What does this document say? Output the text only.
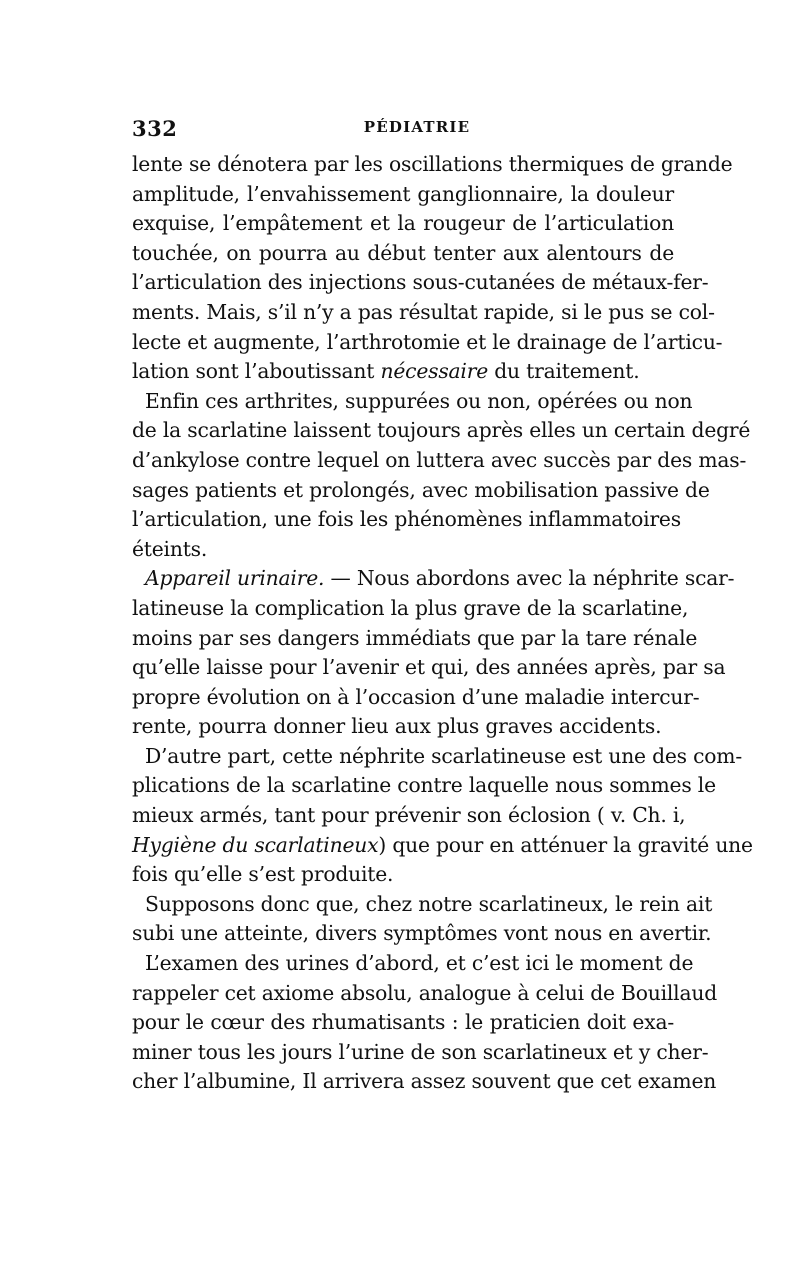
332	PÉDIATRIE
lente se dénotera par les oscillations thermiques de grande
amplitude, l’envahissement ganglionnaire, la douleur
exquise, l’empâtement et la rougeur de l’articulation
touchée, on pourra au début tenter aux alentours de
l’articulation des injections sous-cutanées de métaux-fer-
ments. Mais, s’il n’y a pas résultat rapide, si le pus se col-
lecte et augmente, l’arthrotomie et le drainage de l’articu-
lation sont l’aboutissant nécessaire du traitement.
Enfin ces arthrites, suppurées ou non, opérées ou non
de la scarlatine laissent toujours après elles un certain degré
d’ankylose contre lequel on luttera avec succès par des mas-
sages patients et prolongés, avec mobilisation passive de
l’articulation, une fois les phénomènes inflammatoires
éteints.
Appareil urinaire. — Nous abordons avec la néphrite scar-
latineuse la complication la plus grave de la scarlatine,
moins par ses dangers immédiats que par la tare rénale
qu’elle laisse pour l’avenir et qui, des années après, par sa
propre évolution on à l’occasion d’une maladie intercur-
rente, pourra donner lieu aux plus graves accidents.
D’autre part, cette néphrite scarlatineuse est une des com-
plications de la scarlatine contre laquelle nous sommes le
mieux armés, tant pour prévenir son éclosion ( v. Ch. i,
Hygiène du scarlatineux) que pour en atténuer la gravité une
fois qu’elle s’est produite.
Supposons donc que, chez notre scarlatineux, le rein ait
subi une atteinte, divers symptômes vont nous en avertir.
L’examen des urines d’abord, et c’est ici le moment de
rappeler cet axiome absolu, analogue à celui de Bouillaud
pour le cœur des rhumatisants : le praticien doit exa-
miner tous les jours l’urine de son scarlatineux et y cher-
cher l’albumine, Il arrivera assez souvent que cet examen
